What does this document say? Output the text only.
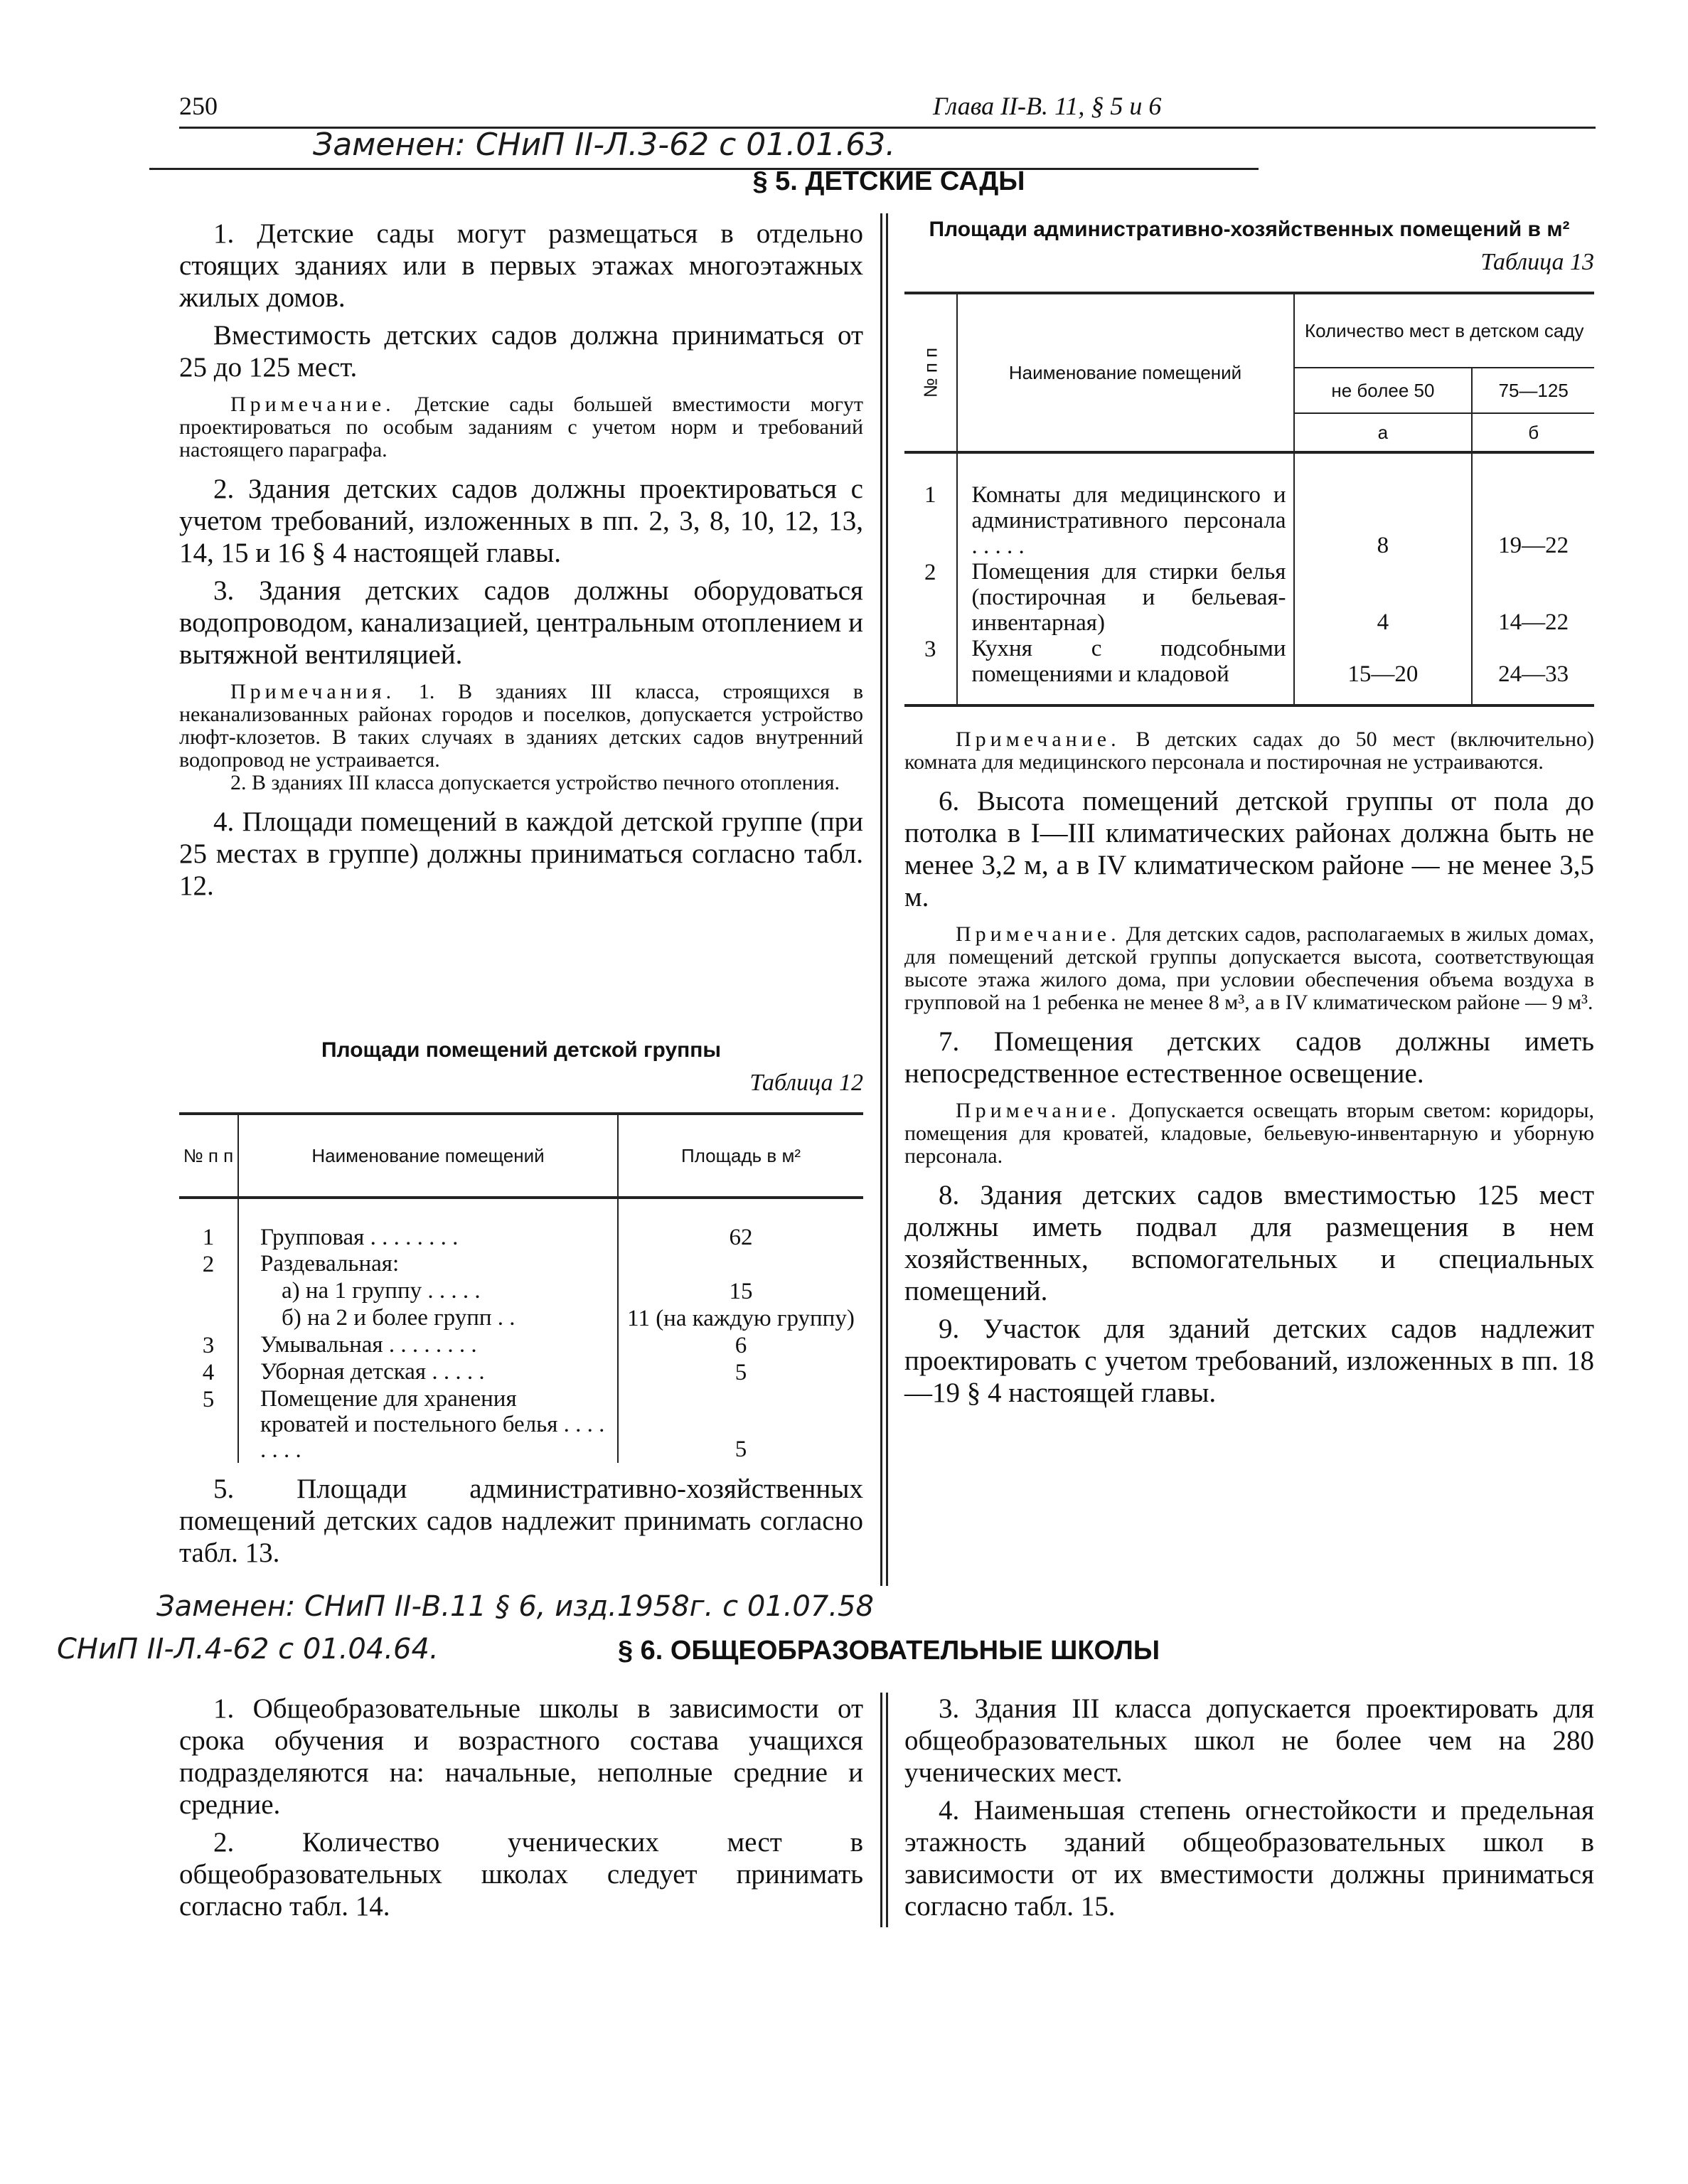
250	Глава II-В. 11, § 5 и 6
Заменен: СНиП II-Л.3-62 с 01.01.63.
§ 5. ДЕТСКИЕ САДЫ

1. Детские сады могут размещаться в отдельно стоящих зданиях или в первых этажах многоэтажных жилых домов.

Вместимость детских садов должна приниматься от 25 до 125 мест.

Примечание. Детские сады большей вместимости могут проектироваться по особым заданиям с учетом норм и требований настоящего параграфа.

2. Здания детских садов должны проектироваться с учетом требований, изложенных в пп. 2, 3, 8, 10, 12, 13, 14, 15 и 16 § 4 настоящей главы.

3. Здания детских садов должны оборудоваться водопроводом, канализацией, центральным отоплением и вытяжной вентиляцией.

Примечания. 1. В зданиях III класса, строящихся в неканализованных районах городов и поселков, допускается устройство люфт-клозетов. В таких случаях в зданиях детских садов внутренний водопровод не устраивается.

2. В зданиях III класса допускается устройство печного отопления.

4. Площади помещений в каждой детской группе (при 25 местах в группе) должны приниматься согласно табл. 12.

Площади помещений детской группы
Таблица 12
№ п п	Наименование помещений	Площадь в м²
1	Групповая . . . . . . . .	62
2	Раздевальная:	
	а) на 1 группу . . . . .	15
	б) на 2 и более групп . .	11 (на каждую группу)
3	Умывальная . . . . . . . .	6
4	Уборная детская . . . . .	5
5	Помещение для хранения кроватей и постельного белья . . . . . . . .	5

5. Площади административно-хозяйственных помещений детских садов надлежит принимать согласно табл. 13.

Площади административно-хозяйственных помещений в м²
Таблица 13
№ п п	Наименование помещений	Количество мест в детском саду	
		не более 50	75—125
		а	б
1	Комнаты для медицинского и административного персонала . . . . .	8	19—22
2	Помещения для стирки белья (постирочная и бельевая-инвентарная)	4	14—22
3	Кухня с подсобными помещениями и кладовой	15—20	24—33

Примечание. В детских садах до 50 мест (включительно) комната для медицинского персонала и постирочная не устраиваются.

6. Высота помещений детской группы от пола до потолка в I—III климатических районах должна быть не менее 3,2 м, а в IV климатическом районе — не менее 3,5 м.

Примечание. Для детских садов, располагаемых в жилых домах, для помещений детской группы допускается высота, соответствующая высоте этажа жилого дома, при условии обеспечения объема воздуха в групповой на 1 ребенка не менее 8 м³, а в IV климатическом районе — 9 м³.

7. Помещения детских садов должны иметь непосредственное естественное освещение.

Примечание. Допускается освещать вторым светом: коридоры, помещения для кроватей, кладовые, бельевую-инвентарную и уборную персонала.

8. Здания детских садов вместимостью 125 мест должны иметь подвал для размещения в нем хозяйственных, вспомогательных и специальных помещений.

9. Участок для зданий детских садов надлежит проектировать с учетом требований, изложенных в пп. 18—19 § 4 настоящей главы.

Заменен: СНиП II-В.11 § 6, изд.1958г. с 01.07.58
СНиП II-Л.4-62 с 01.04.64.	§ 6. ОБЩЕОБРАЗОВАТЕЛЬНЫЕ ШКОЛЫ

1. Общеобразовательные школы в зависимости от срока обучения и возрастного состава учащихся подразделяются на: начальные, неполные средние и средние.

2. Количество ученических мест в общеобразовательных школах следует принимать согласно табл. 14.

3. Здания III класса допускается проектировать для общеобразовательных школ не более чем на 280 ученических мест.

4. Наименьшая степень огнестойкости и предельная этажность зданий общеобразовательных школ в зависимости от их вместимости должны приниматься согласно табл. 15.
